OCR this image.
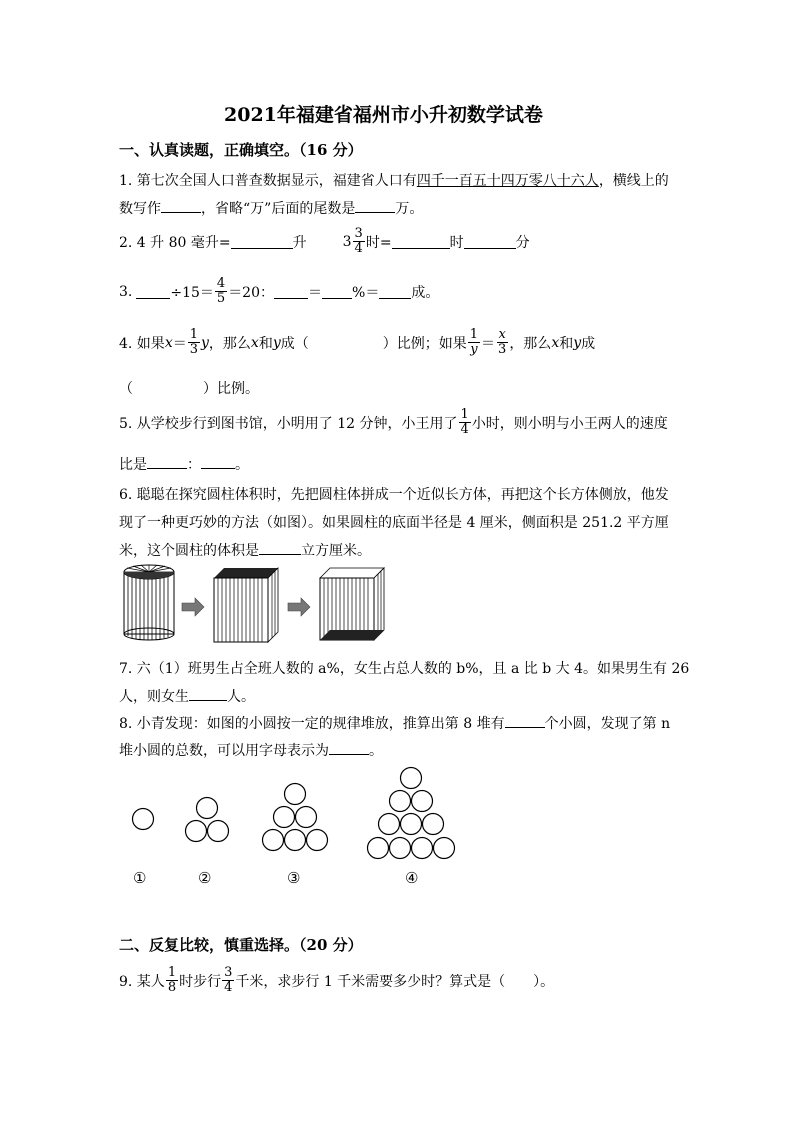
2021年福建省福州市小升初数学试卷
一、认真读题，正确填空。（16 分）
1. 第七次全国人口普查数据显示，福建省人口有四千一百五十四万零八十六人，横线上的
数写作	，省略“万”后面的尾数是	万。
2. 4 升 80 毫升=	升	$3 \frac{3}{4}$ 时=	时	分
3.	$\div 15= \frac{4}{5} =20$： ＝ %＝ 成。
4. 如果 $x = \frac{1}{3}$ y ，那么 x 和 y 成（	）比例；如果 $\frac{1}{y} = \frac{x}{3}$ ，那么 x 和 y 成
（　　　　　）比例。
5. 从学校步行到图书馆，小明用了 12 分钟，小王用了 $\frac{1}{4}$ 小时，则小明与小王两人的速度
比是	： 。
6. 聪聪在探究圆柱体积时，先把圆柱体拼成一个近似长方体，再把这个长方体侧放，他发
现了一种更巧妙的方法（如图）。如果圆柱的底面半径是 4 厘米，侧面积是 251.2 平方厘
米，这个圆柱的体积是	立方厘米。
7. 六（1）班男生占全班人数的 a%，女生占总人数的 b%，且 a 比 b 大 4。如果男生有 26
人，则女生	人。
8. 小青发现：如图的小圆按一定的规律堆放，推算出第 8 堆有	个小圆，发现了第 n
堆小圆的总数，可以用字母表示为	。
①	②	③	④
二、反复比较，慎重选择。（20 分）
9. 某人 $\frac{1}{8}$ 时步行 $\frac{3}{4}$ 千米，求步行 1 千米需要多少时？算式是（　　）。
